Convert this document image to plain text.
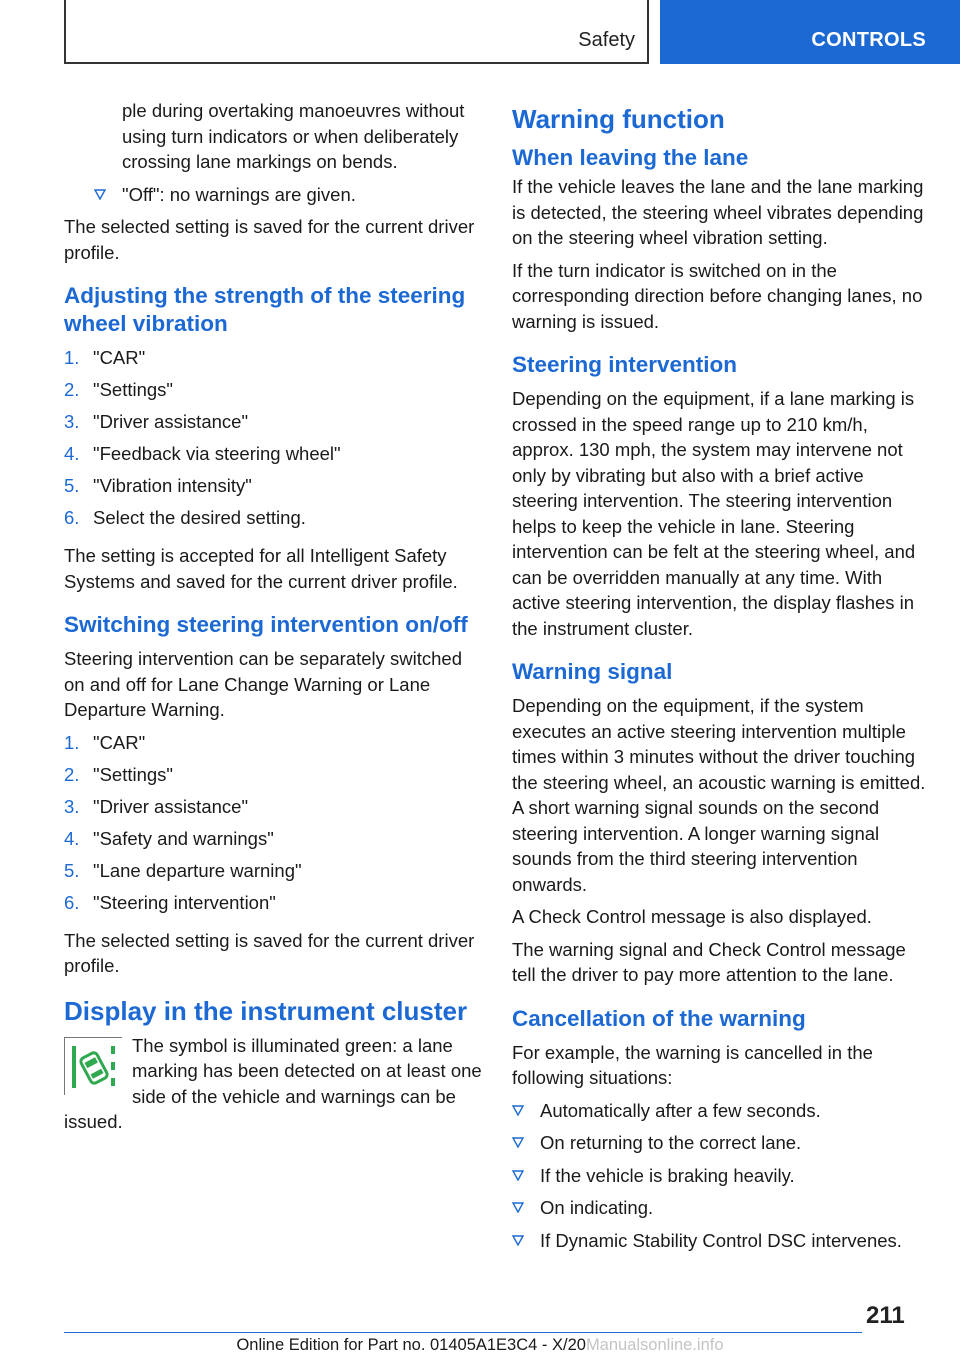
Safety	CONTROLS

ple during overtaking manoeuvres without using turn indicators or when deliberately crossing lane markings on bends.

"Off": no warnings are given.

The selected setting is saved for the current driver profile.

Adjusting the strength of the steering wheel vibration
1. "CAR"
2. "Settings"
3. "Driver assistance"
4. "Feedback via steering wheel"
5. "Vibration intensity"
6. Select the desired setting.

The setting is accepted for all Intelligent Safety Systems and saved for the current driver profile.

Switching steering intervention on/off

Steering intervention can be separately switched on and off for Lane Change Warning or Lane Departure Warning.

1. "CAR"
2. "Settings"
3. "Driver assistance"
4. "Safety and warnings"
5. "Lane departure warning"
6. "Steering intervention"

The selected setting is saved for the current driver profile.

Display in the instrument cluster

The symbol is illuminated green: a lane marking has been detected on at least one side of the vehicle and warnings can be issued.

Warning function
When leaving the lane

If the vehicle leaves the lane and the lane marking is detected, the steering wheel vibrates depending on the steering wheel vibration setting.

If the turn indicator is switched on in the corresponding direction before changing lanes, no warning is issued.

Steering intervention

Depending on the equipment, if a lane marking is crossed in the speed range up to 210 km/h, approx. 130 mph, the system may intervene not only by vibrating but also with a brief active steering intervention. The steering intervention helps to keep the vehicle in lane. Steering intervention can be felt at the steering wheel, and can be overridden manually at any time. With active steering intervention, the display flashes in the instrument cluster.

Warning signal

Depending on the equipment, if the system executes an active steering intervention multiple times within 3 minutes without the driver touching the steering wheel, an acoustic warning is emitted. A short warning signal sounds on the second steering intervention. A longer warning signal sounds from the third steering intervention onwards.

A Check Control message is also displayed.

The warning signal and Check Control message tell the driver to pay more attention to the lane.

Cancellation of the warning

For example, the warning is cancelled in the following situations:

Automatically after a few seconds.
On returning to the correct lane.
If the vehicle is braking heavily.
On indicating.
If Dynamic Stability Control DSC intervenes.
211
Online Edition for Part no. 01405A1E3C4 - X/20Manualsonline.info
